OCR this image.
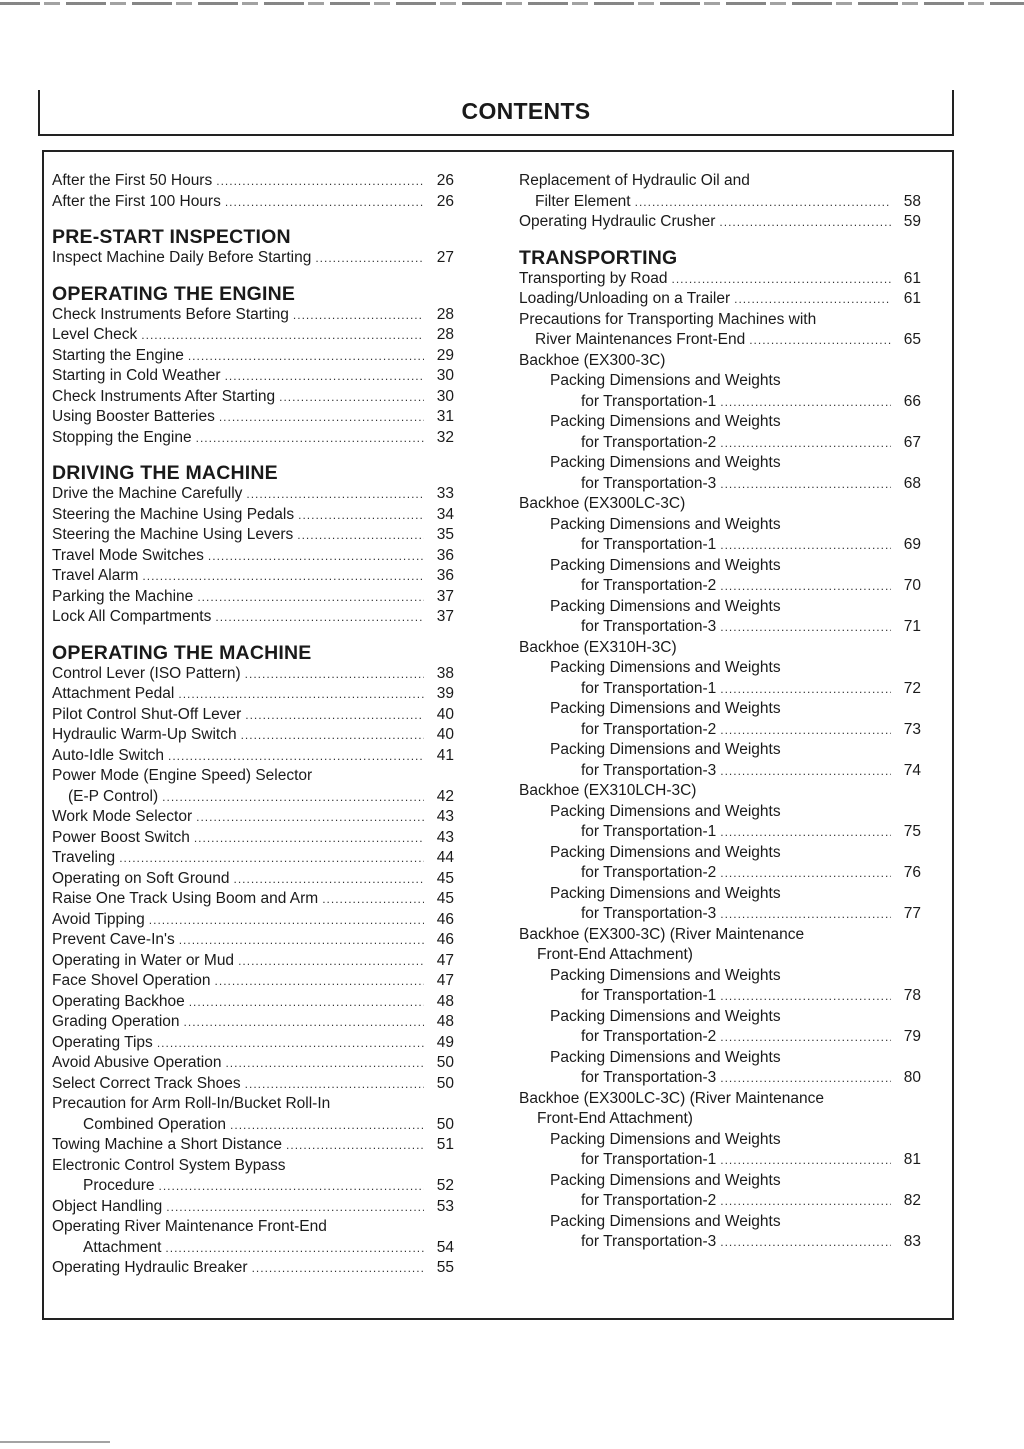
CONTENTS
After the First 50 Hours .....	26
After the First 100 Hours .....	26
PRE-START INSPECTION
Inspect Machine Daily Before Starting .....	27
OPERATING THE ENGINE
Check Instruments Before Starting .....	28
Level Check .....	28
Starting the Engine .....	29
Starting in Cold Weather .....	30
Check Instruments After Starting .....	30
Using Booster Batteries .....	31
Stopping the Engine .....	32
DRIVING THE MACHINE
Drive the Machine Carefully .....	33
Steering the Machine Using Pedals .....	34
Steering the Machine Using Levers .....	35
Travel Mode Switches .....	36
Travel Alarm .....	36
Parking the Machine .....	37
Lock All Compartments .....	37
OPERATING THE MACHINE
Control Lever (ISO Pattern) .....	38
Attachment Pedal .....	39
Pilot Control Shut-Off Lever .....	40
Hydraulic Warm-Up Switch .....	40
Auto-Idle Switch .....	41
Power Mode (Engine Speed) Selector
(E-P Control) .....	42
Work Mode Selector .....	43
Power Boost Switch .....	43
Traveling .....	44
Operating on Soft Ground .....	45
Raise One Track Using Boom and Arm .....	45
Avoid Tipping .....	46
Prevent Cave-In's .....	46
Operating in Water or Mud .....	47
Face Shovel Operation .....	47
Operating Backhoe .....	48
Grading Operation .....	48
Operating Tips .....	49
Avoid Abusive Operation .....	50
Select Correct Track Shoes .....	50
Precaution for Arm Roll-In/Bucket Roll-In
Combined Operation .....	50
Towing Machine a Short Distance .....	51
Electronic Control System Bypass
Procedure .....	52
Object Handling .....	53
Operating River Maintenance Front-End
Attachment .....	54
Operating Hydraulic Breaker .....	55
Replacement of Hydraulic Oil and
Filter Element .....	58
Operating Hydraulic Crusher .....	59
TRANSPORTING
Transporting by Road .....	61
Loading/Unloading on a Trailer .....	61
Precautions for Transporting Machines with
River Maintenances Front-End .....	65
Backhoe (EX300-3C)
Packing Dimensions and Weights
for Transportation-1 .....	66
Packing Dimensions and Weights
for Transportation-2 .....	67
Packing Dimensions and Weights
for Transportation-3 .....	68
Backhoe (EX300LC-3C)
Packing Dimensions and Weights
for Transportation-1 .....	69
Packing Dimensions and Weights
for Transportation-2 .....	70
Packing Dimensions and Weights
for Transportation-3 .....	71
Backhoe (EX310H-3C)
Packing Dimensions and Weights
for Transportation-1 .....	72
Packing Dimensions and Weights
for Transportation-2 .....	73
Packing Dimensions and Weights
for Transportation-3 .....	74
Backhoe (EX310LCH-3C)
Packing Dimensions and Weights
for Transportation-1 .....	75
Packing Dimensions and Weights
for Transportation-2 .....	76
Packing Dimensions and Weights
for Transportation-3 .....	77
Backhoe (EX300-3C) (River Maintenance
Front-End Attachment)
Packing Dimensions and Weights
for Transportation-1 .....	78
Packing Dimensions and Weights
for Transportation-2 .....	79
Packing Dimensions and Weights
for Transportation-3 .....	80
Backhoe (EX300LC-3C) (River Maintenance
Front-End Attachment)
Packing Dimensions and Weights
for Transportation-1 .....	81
Packing Dimensions and Weights
for Transportation-2 .....	82
Packing Dimensions and Weights
for Transportation-3 .....	83
